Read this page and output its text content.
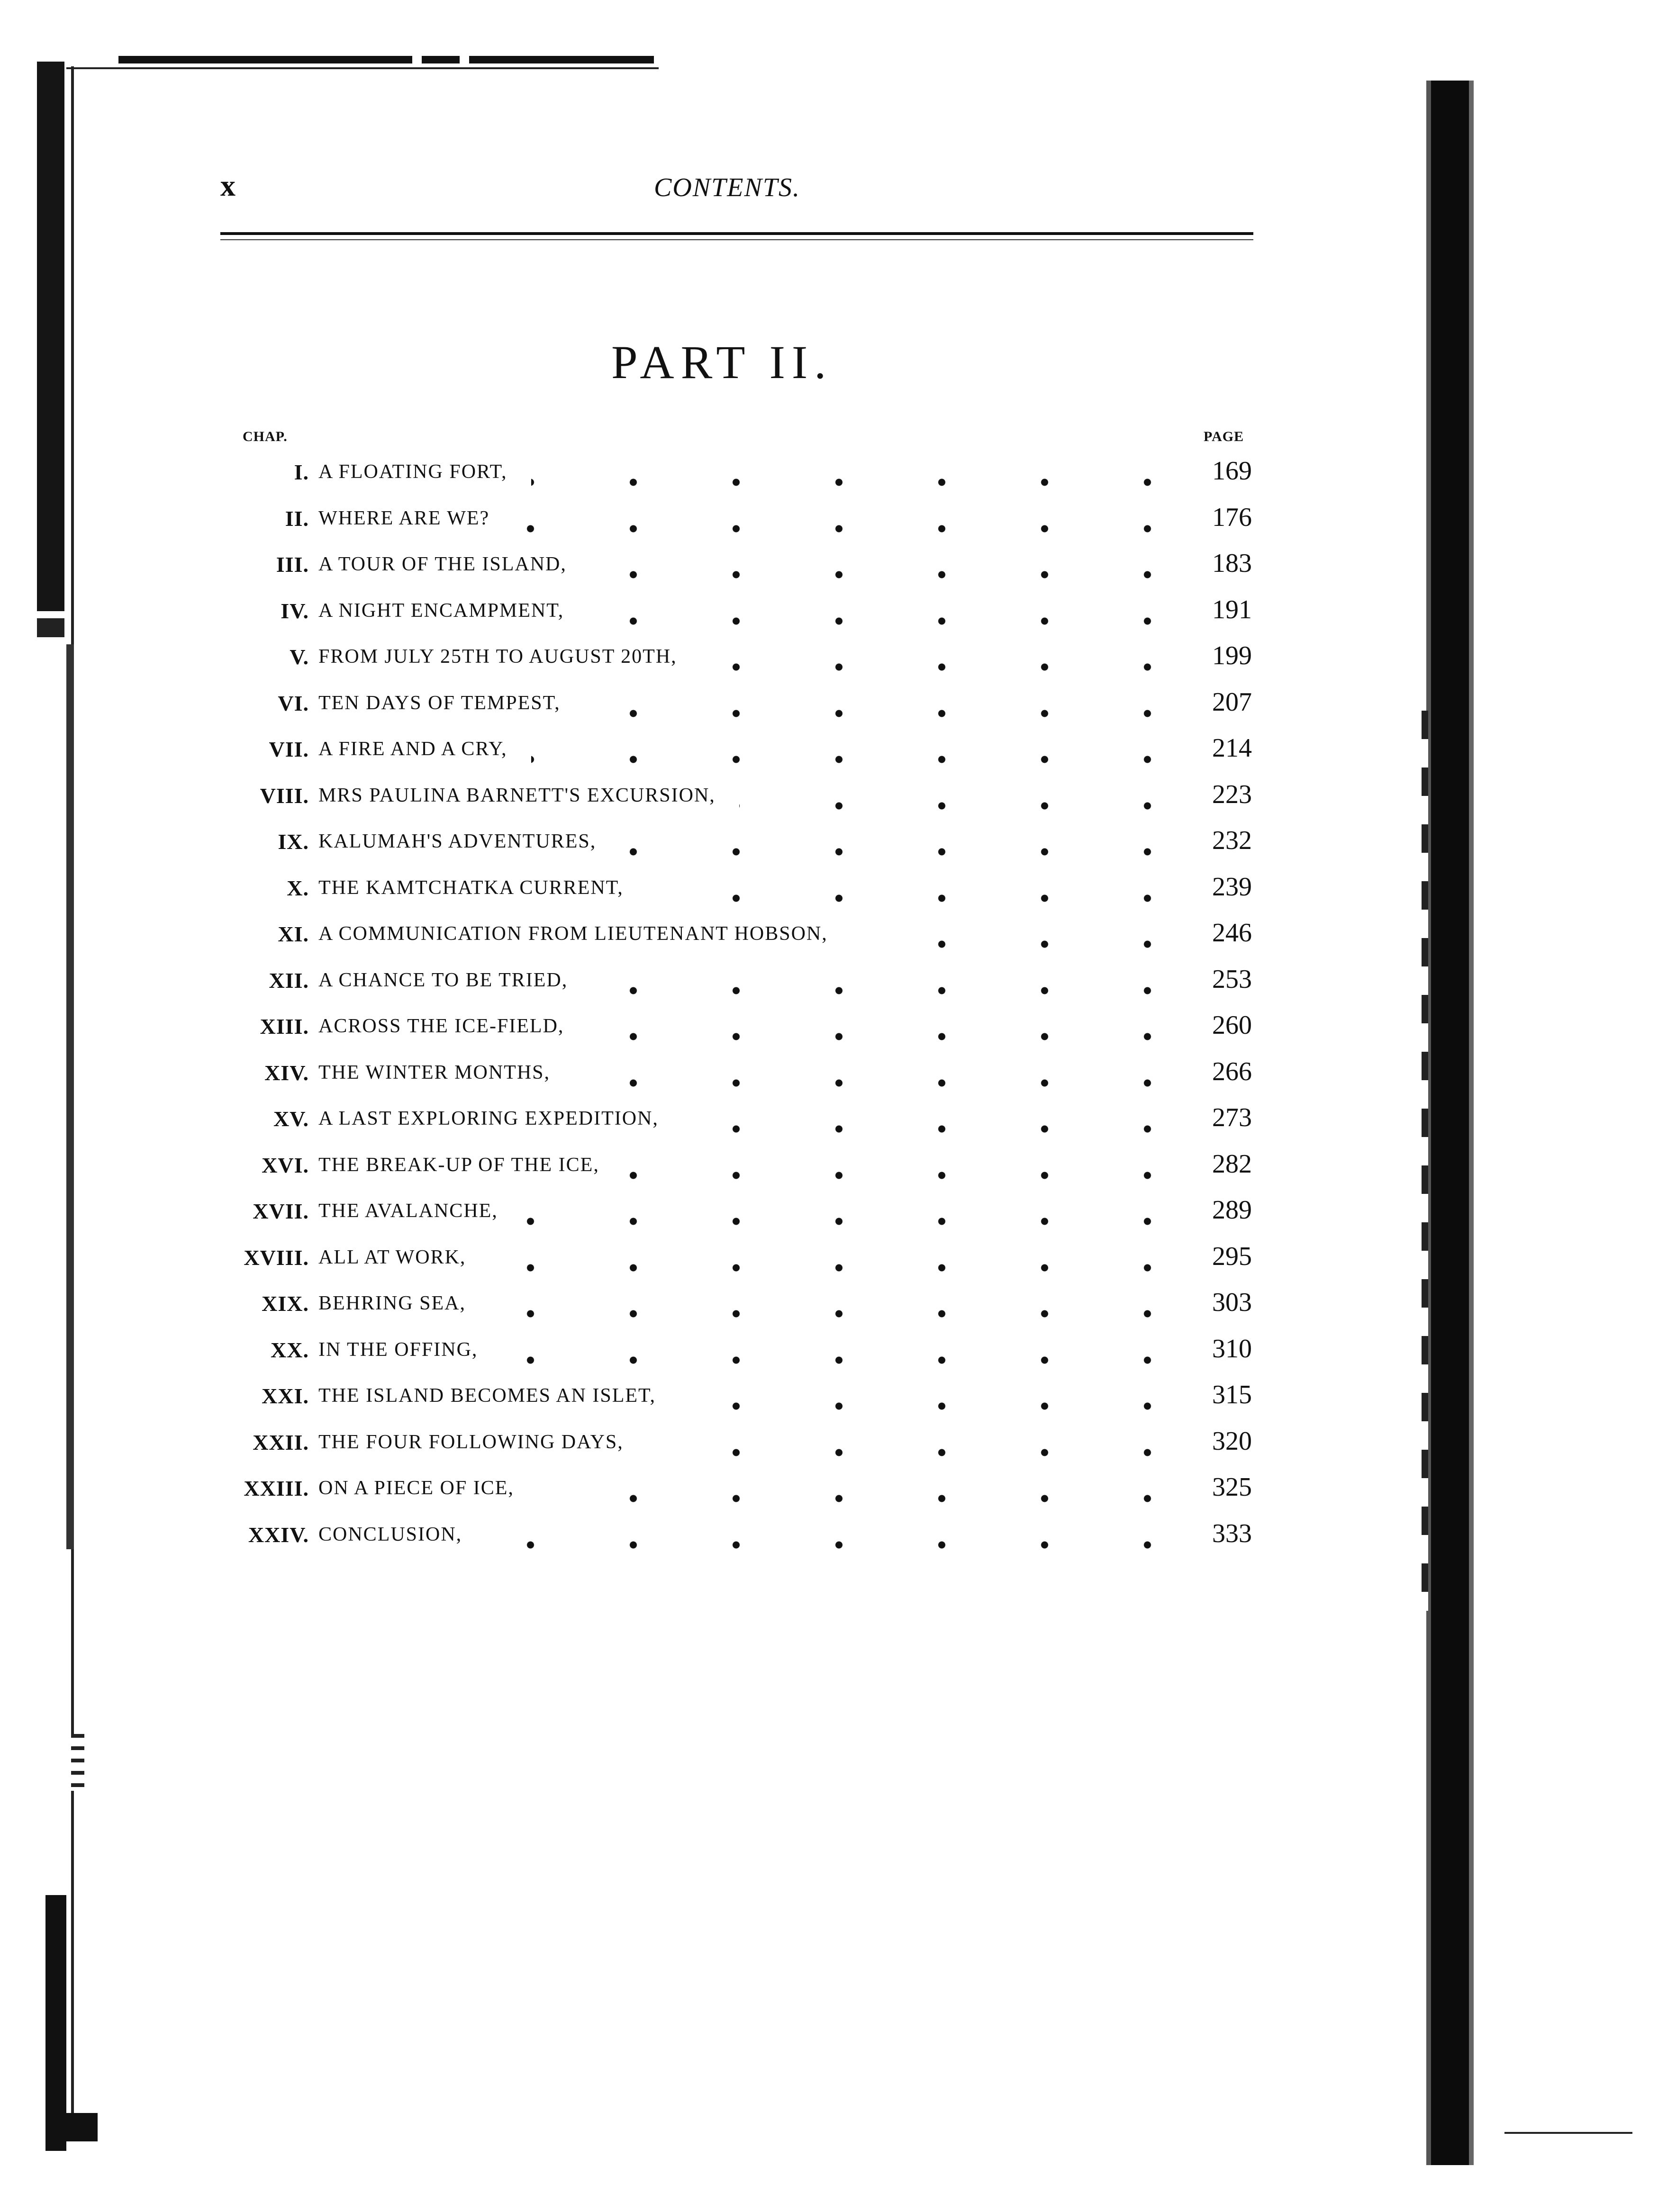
x	CONTENTS.
PART II.
CHAP.	PAGE
I. A FLOATING FORT,	169
II. WHERE ARE WE?	176
III. A TOUR OF THE ISLAND,	183
IV. A NIGHT ENCAMPMENT,	191
V. FROM JULY 25TH TO AUGUST 20TH,	199
VI. TEN DAYS OF TEMPEST,	207
VII. A FIRE AND A CRY,	214
VIII. MRS PAULINA BARNETT'S EXCURSION,	223
IX. KALUMAH'S ADVENTURES,	232
X. THE KAMTCHATKA CURRENT,	239
XI. A COMMUNICATION FROM LIEUTENANT HOBSON,	246
XII. A CHANCE TO BE TRIED,	253
XIII. ACROSS THE ICE-FIELD,	260
XIV. THE WINTER MONTHS,	266
XV. A LAST EXPLORING EXPEDITION,	273
XVI. THE BREAK-UP OF THE ICE,	282
XVII. THE AVALANCHE,	289
XVIII. ALL AT WORK,	295
XIX. BEHRING SEA,	303
XX. IN THE OFFING,	310
XXI. THE ISLAND BECOMES AN ISLET,	315
XXII. THE FOUR FOLLOWING DAYS,	320
XXIII. ON A PIECE OF ICE,	325
XXIV. CONCLUSION,	333
